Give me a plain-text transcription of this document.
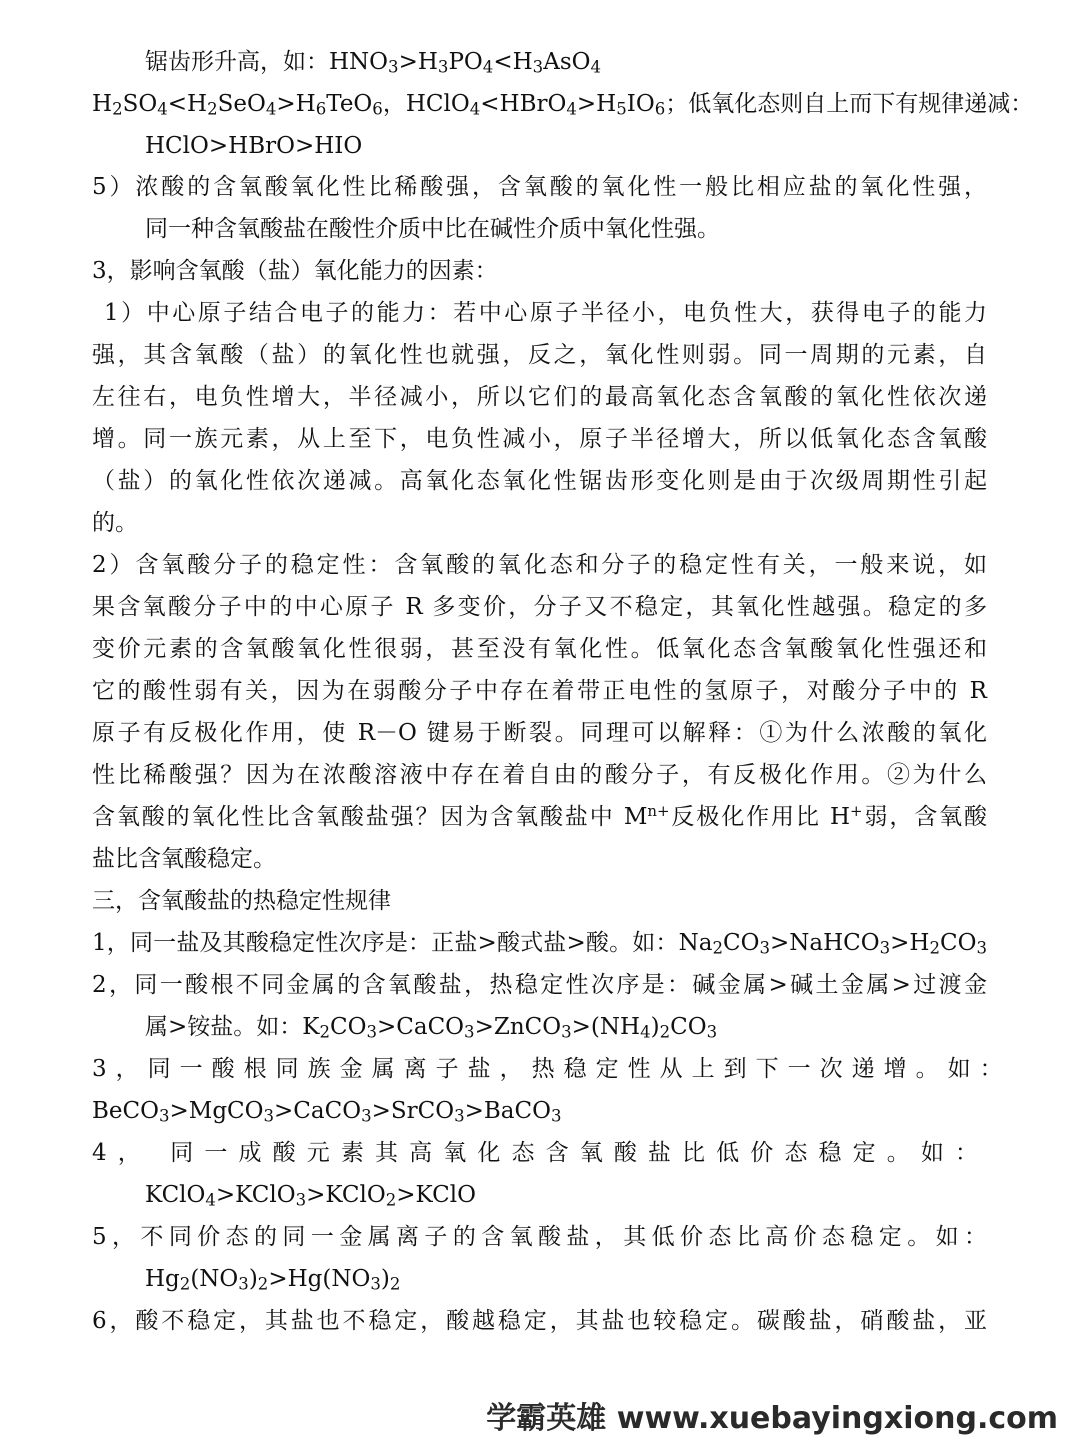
锯齿形升高，如：$HNO_3>H_3PO_4<H_3AsO_4$
$H_2SO_4<H_2SeO_4>H_6TeO_6$，$HClO_4<HBrO_4>H_5IO_6$；低氧化态则自上而下有规律递减：
HClO>HBrO>HIO
5）浓酸的含氧酸氧化性比稀酸强，含氧酸的氧化性一般比相应盐的氧化性强，
同一种含氧酸盐在酸性介质中比在碱性介质中氧化性强。
3，影响含氧酸（盐）氧化能力的因素：
1）中心原子结合电子的能力：若中心原子半径小，电负性大，获得电子的能力
强，其含氧酸（盐）的氧化性也就强，反之，氧化性则弱。同一周期的元素，自
左往右，电负性增大，半径减小，所以它们的最高氧化态含氧酸的氧化性依次递
增。同一族元素，从上至下，电负性减小，原子半径增大，所以低氧化态含氧酸
（盐）的氧化性依次递减。高氧化态氧化性锯齿形变化则是由于次级周期性引起
的。
2）含氧酸分子的稳定性：含氧酸的氧化态和分子的稳定性有关，一般来说，如
果含氧酸分子中的中心原子 R 多变价，分子又不稳定，其氧化性越强。稳定的多
变价元素的含氧酸氧化性很弱，甚至没有氧化性。低氧化态含氧酸氧化性强还和
它的酸性弱有关，因为在弱酸分子中存在着带正电性的氢原子，对酸分子中的 R
原子有反极化作用，使 R－O 键易于断裂。同理可以解释：①为什么浓酸的氧化
性比稀酸强？因为在浓酸溶液中存在着自由的酸分子，有反极化作用。②为什么
含氧酸的氧化性比含氧酸盐强？因为含氧酸盐中 $M^{n+}$反极化作用比 H+弱，含氧酸
盐比含氧酸稳定。
三，含氧酸盐的热稳定性规律
1，同一盐及其酸稳定性次序是：正盐>酸式盐>酸。如：$Na_2CO_3>NaHCO_3>H_2CO_3$
2，同一酸根不同金属的含氧酸盐，热稳定性次序是：碱金属>碱土金属>过渡金
属>铵盐。如：$K_2CO_3>CaCO_3>ZnCO_3>(NH_4)_2CO_3$
3，同一酸根同族金属离子盐，热稳定性从上到下一次递增。如：
BeCO$_3$>MgCO$_3$>CaCO$_3$>SrCO$_3$>BaCO$_3$
4， 同一成酸元素其高氧化态含氧酸盐比低价态稳定。如：
KClO$_4$>KClO$_3$>KClO$_2$>KClO
5，不同价态的同一金属离子的含氧酸盐，其低价态比高价态稳定。如：
$Hg_2(NO_3)_2>Hg(NO_3)_2$
6，酸不稳定，其盐也不稳定，酸越稳定，其盐也较稳定。碳酸盐，硝酸盐，亚
学霸英雄 www.xuebayingxiong.com
